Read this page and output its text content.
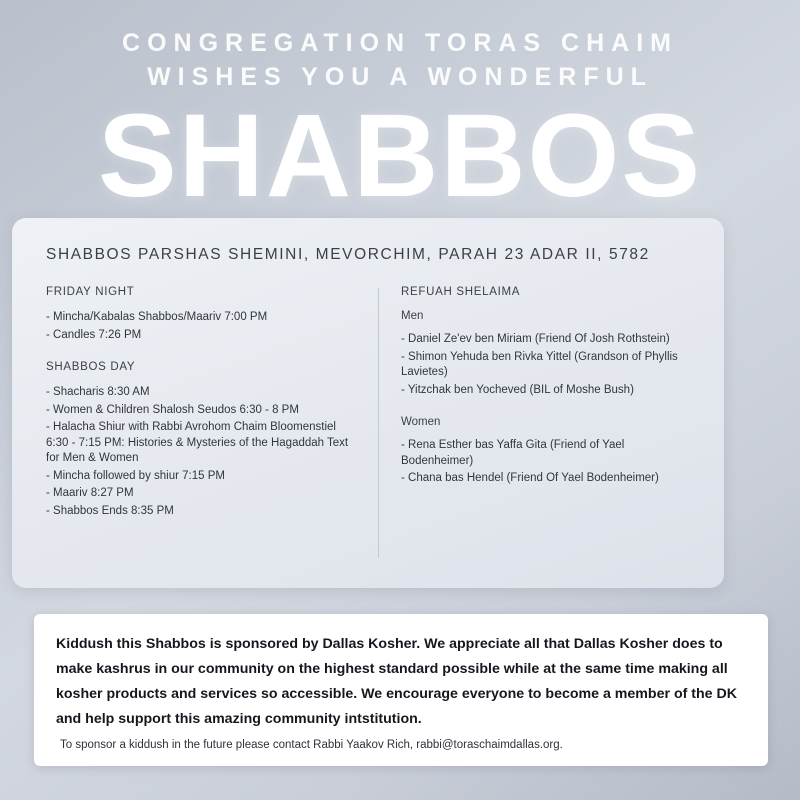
CONGREGATION TORAS CHAIM
WISHES YOU A WONDERFUL
SHABBOS
SHABBOS PARSHAS SHEMINI, MEVORCHIM, PARAH 23 ADAR II, 5782
FRIDAY NIGHT
- Mincha/Kabalas Shabbos/Maariv 7:00 PM
- Candles 7:26 PM
SHABBOS DAY
- Shacharis 8:30 AM
- Women & Children Shalosh Seudos 6:30 - 8 PM
- Halacha Shiur with Rabbi Avrohom Chaim Bloomenstiel 6:30 - 7:15 PM: Histories & Mysteries of the Hagaddah Text for Men & Women
- Mincha followed by shiur 7:15 PM
- Maariv 8:27 PM
- Shabbos Ends 8:35 PM
REFUAH SHELAIMA
Men
- Daniel Ze'ev ben Miriam (Friend Of Josh Rothstein)
- Shimon Yehuda ben Rivka Yittel (Grandson of Phyllis Lavietes)
- Yitzchak ben Yocheved (BIL of Moshe Bush)
Women
- Rena Esther bas Yaffa Gita (Friend of Yael Bodenheimer)
- Chana bas Hendel (Friend Of Yael Bodenheimer)

Kiddush this Shabbos is sponsored by Dallas Kosher. We appreciate all that Dallas Kosher does to make kashrus in our community on the highest standard possible while at the same time making all kosher products and services so accessible. We encourage everyone to become a member of the DK and help support this amazing community intstitution.

To sponsor a kiddush in the future please contact Rabbi Yaakov Rich, rabbi@toraschaimdallas.org.
